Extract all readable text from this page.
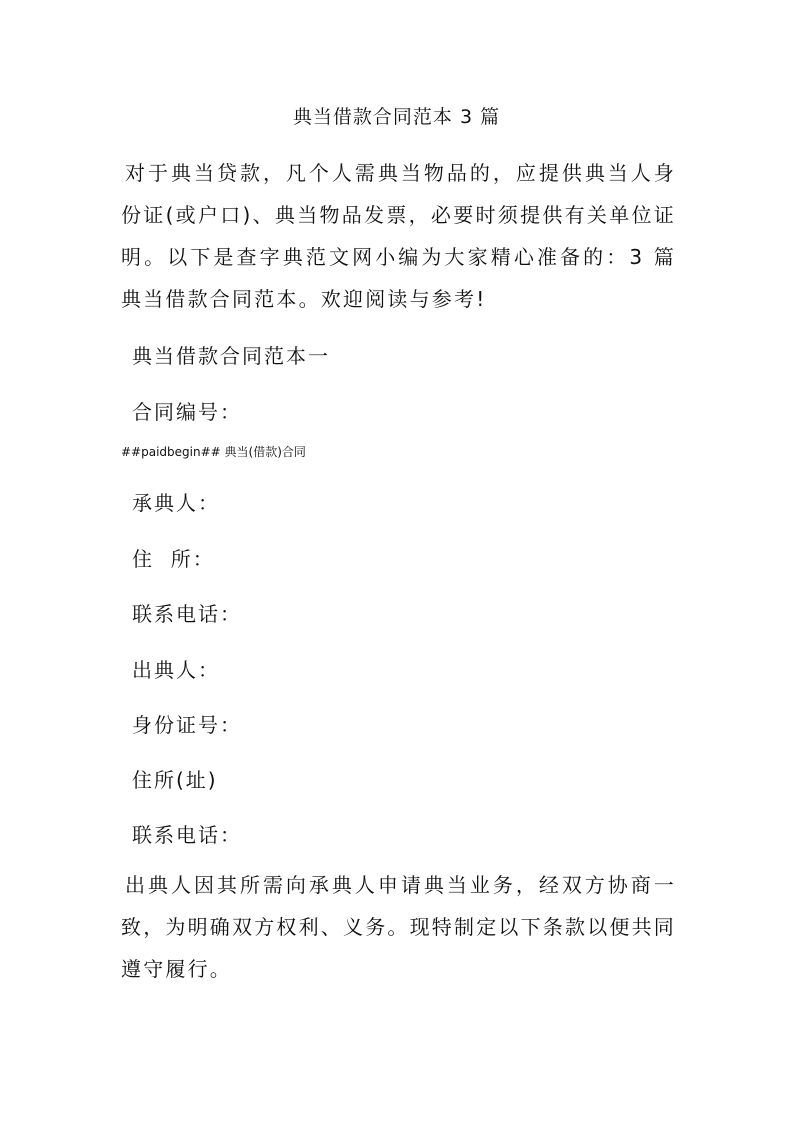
典当借款合同范本 3 篇
对于典当贷款，凡个人需典当物品的，应提供典当人身份证(或户口)、典当物品发票，必要时须提供有关单位证明。以下是查字典范文网小编为大家精心准备的：3 篇典当借款合同范本。欢迎阅读与参考!
典当借款合同范本一
合同编号：
##paidbegin## 典当(借款)合同
承典人：
住  所：
联系电话：
出典人：
身份证号：
住所(址)
联系电话：
出典人因其所需向承典人申请典当业务，经双方协商一致，为明确双方权利、义务。现特制定以下条款以便共同遵守履行。
